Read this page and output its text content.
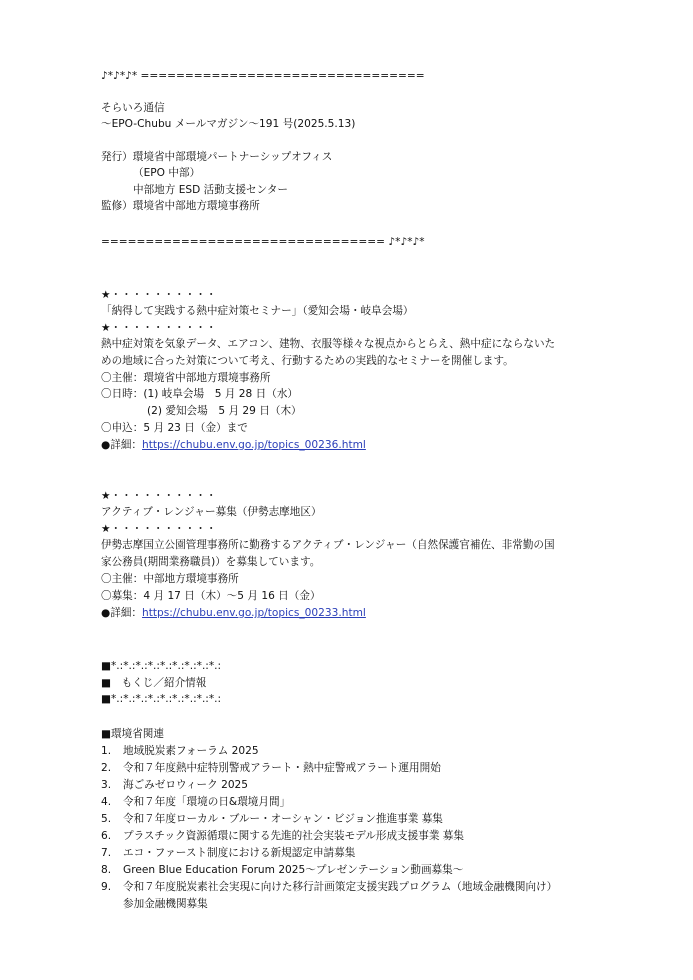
♪*♪*♪* ================================
そらいろ通信
～EPO-Chubu メールマガジン～191 号(2025.5.13)
発行）環境省中部環境パートナーシップオフィス
（EPO 中部）
中部地方 ESD 活動支援センター
監修）環境省中部地方環境事務所
================================ ♪*♪*♪*
★・・・・・・・・・・
「納得して実践する熱中症対策セミナー」（愛知会場・岐阜会場）
★・・・・・・・・・・
熱中症対策を気象データ、エアコン、建物、衣服等様々な視点からとらえ、熱中症にならないた
めの地域に合った対策について考え、行動するための実践的なセミナーを開催します。
〇主催：環境省中部地方環境事務所
〇日時：(1) 岐阜会場　5 月 28 日（水）
(2) 愛知会場　5 月 29 日（木）
〇申込：5 月 23 日（金）まで
●詳細：https://chubu.env.go.jp/topics_00236.html
★・・・・・・・・・・
アクティブ・レンジャー募集（伊勢志摩地区）
★・・・・・・・・・・
伊勢志摩国立公園管理事務所に勤務するアクティブ・レンジャー（自然保護官補佐、非常勤の国
家公務員(期間業務職員)）を募集しています。
〇主催：中部地方環境事務所
〇募集：4 月 17 日（木）～5 月 16 日（金）
●詳細：https://chubu.env.go.jp/topics_00233.html
■*.:*.:*.:*.:*.:*.:*.:*.:*.:
■　もくじ／紹介情報
■*.:*.:*.:*.:*.:*.:*.:*.:*.:
■環境省関連
1. 地域脱炭素フォーラム 2025
2. 令和７年度熱中症特別警戒アラート・熱中症警戒アラート運用開始
3. 海ごみゼロウィーク 2025
4. 令和７年度「環境の日&環境月間」
5. 令和７年度ローカル・ブルー・オーシャン・ビジョン推進事業 募集
6. プラスチック資源循環に関する先進的社会実装モデル形成支援事業 募集
7. エコ・ファースト制度における新規認定申請募集
8. Green Blue Education Forum 2025～プレゼンテーション動画募集～
9. 令和７年度脱炭素社会実現に向けた移行計画策定支援実践プログラム（地域金融機関向け）
参加金融機関募集
